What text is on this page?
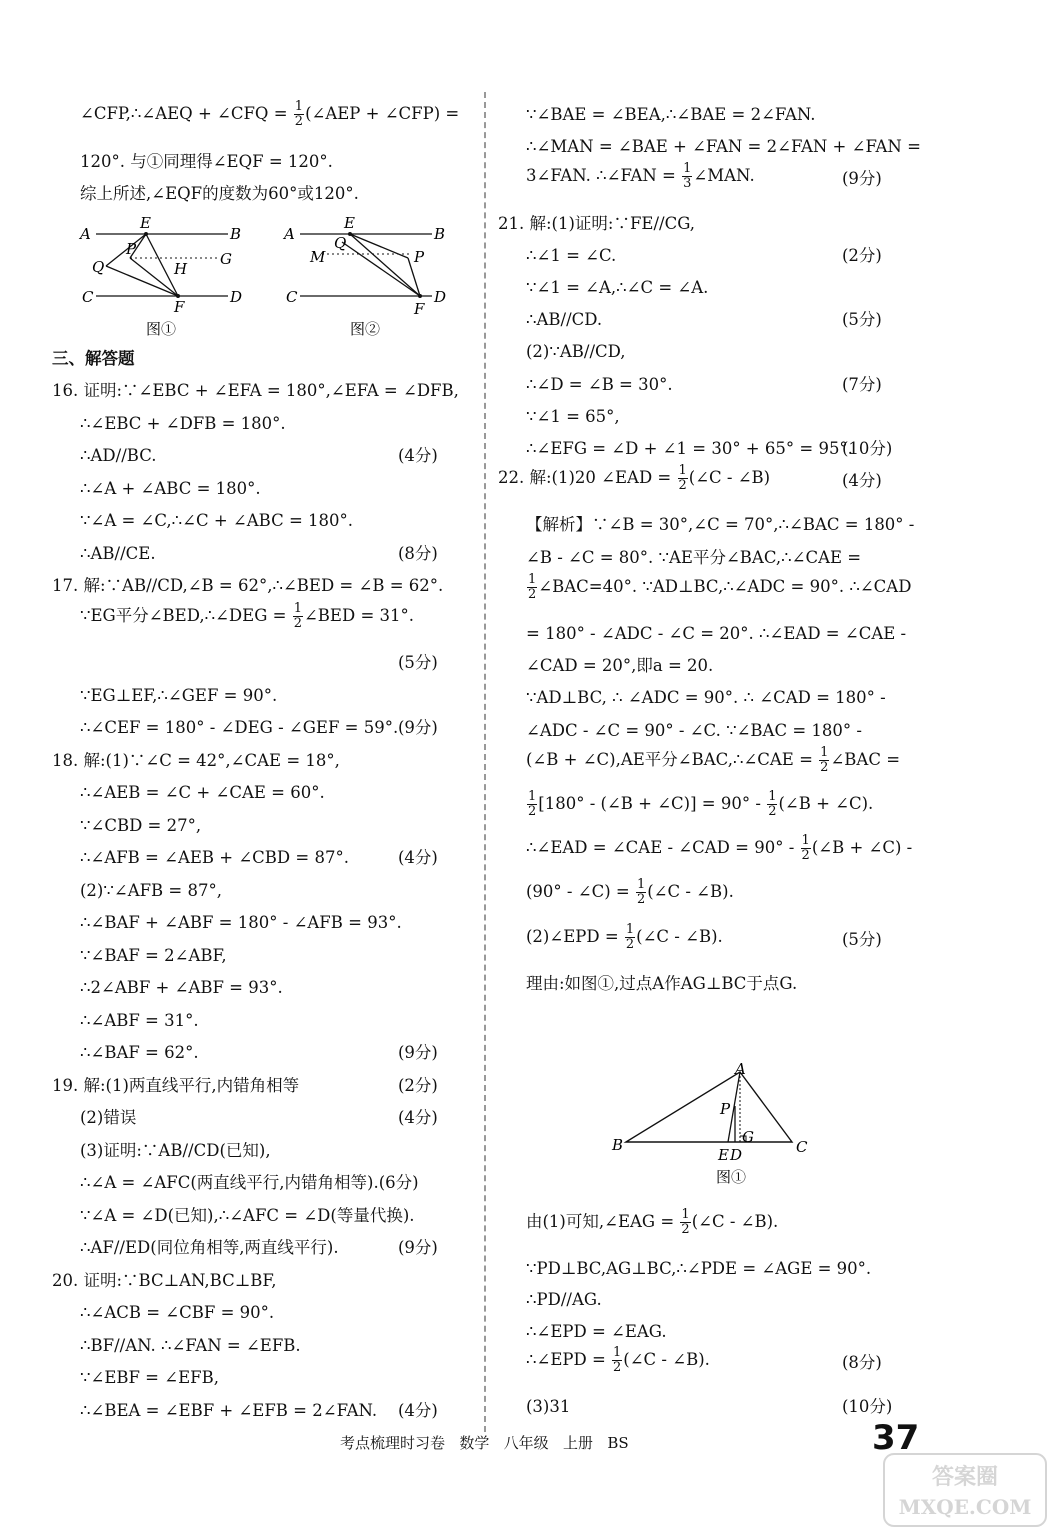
∠CFP,∴∠AEQ + ∠CFQ = $\frac{1}{2}$ (∠AEP + ∠CFP) =
120°. 与①同理得∠EQF = 120°.
综上所述,∠EQF的度数为60°或120°.
A	B
C	D
E
F
P
Q	G
H
图①
A	B
C	D
E
F
P
Q
M
图②
三、解答题
16. 证明:∵∠EBC + ∠EFA = 180°,∠EFA = ∠DFB,
∴∠EBC + ∠DFB = 180°.
∴AD//BC.	(4分)
∴∠A + ∠ABC = 180°.
∵∠A = ∠C,∴∠C + ∠ABC = 180°.
∴AB//CE.	(8分)
17. 解:∵AB//CD,∠B = 62°,∴∠BED = ∠B = 62°.
∵EG平分∠BED,∴∠DEG = $\frac{1}{2}$ ∠BED = 31°.
(5分)
∵EG⊥EF,∴∠GEF = 90°.
∴∠CEF = 180° - ∠DEG - ∠GEF = 59°. (9分)
18. 解:(1)∵∠C = 42°,∠CAE = 18°,
∴∠AEB = ∠C + ∠CAE = 60°.
∵∠CBD = 27°,
∴∠AFB = ∠AEB + ∠CBD = 87°.	(4分)
(2)∵∠AFB = 87°,
∴∠BAF + ∠ABF = 180° - ∠AFB = 93°.
∵∠BAF = 2∠ABF,
∴2∠ABF + ∠ABF = 93°.
∴∠ABF = 31°.
∴∠BAF = 62°.	(9分)
19. 解:(1)两直线平行,内错角相等	(2分)
(2)错误	(4分)
(3)证明:∵AB//CD(已知),
∴∠A = ∠AFC(两直线平行,内错角相等).(6分)
∵∠A = ∠D(已知),∴∠AFC = ∠D(等量代换).
∴AF//ED(同位角相等,两直线平行).	(9分)
20. 证明:∵BC⊥AN,BC⊥BF,
∴∠ACB = ∠CBF = 90°.
∴BF//AN. ∴∠FAN = ∠EFB.
∵∠EBF = ∠EFB,
∴∠BEA = ∠EBF + ∠EFB = 2∠FAN. (4分)
∵∠BAE = ∠BEA,∴∠BAE = 2∠FAN.
∴∠MAN = ∠BAE + ∠FAN = 2∠FAN + ∠FAN =
3∠FAN. ∴∠FAN = $\frac{1}{3}$ ∠MAN.	(9分)
21. 解:(1)证明:∵FE//CG,
∴∠1 = ∠C.	(2分)
∵∠1 = ∠A,∴∠C = ∠A.
∴AB//CD.	(5分)
(2)∵AB//CD,
∴∠D = ∠B = 30°.	(7分)
∵∠1 = 65°,
∴∠EFG = ∠D + ∠1 = 30° + 65° = 95°.
(10分)
22. 解:(1)20 ∠EAD = $\frac{1}{2}$ (∠C - ∠B)	(4分)
【解析】∵∠B = 30°,∠C = 70°,∴∠BAC = 180° -
∠B - ∠C = 80°. ∵AE平分∠BAC,∴∠CAE =
$\frac{1}{2}$ ∠BAC=40°. ∵AD⊥BC,∴∠ADC = 90°. ∴∠CAD
= 180° - ∠ADC - ∠C = 20°. ∴∠EAD = ∠CAE -
∠CAD = 20°,即a = 20.
∵AD⊥BC, ∴ ∠ADC = 90°. ∴ ∠CAD = 180° -
∠ADC - ∠C = 90° - ∠C. ∵∠BAC = 180° -
(∠B + ∠C),AE平分∠BAC,∴∠CAE = $\frac{1}{2}$ ∠BAC =
$\frac{1}{2} [180^\circ$ - (∠B + ∠C)] = $90^\circ - \frac{1}{2}$ (∠B + ∠C).
∴∠EAD = ∠CAE - ∠CAD = $90^\circ - \frac{1}{2}$ (∠B + ∠C) -
(90° - ∠C) = $\frac{1}{2}$ (∠C - ∠B).
(2)∠EPD = $\frac{1}{2}$ (∠C - ∠B).	(5分)
理由:如图①,过点A作AG⊥BC于点G.
A
B	C
P
G
E D
图①
由(1)可知,∠EAG = $\frac{1}{2}$ (∠C - ∠B).
∵PD⊥BC,AG⊥BC,∴∠PDE = ∠AGE = 90°.
∴PD//AG.
∴∠EPD = ∠EAG.
∴∠EPD = $\frac{1}{2}$ (∠C - ∠B).	(8分)
(3)31	(10分)
考点梳理时习卷 数学 八年级 上册 BS	37
答案圈
MXQE.COM
